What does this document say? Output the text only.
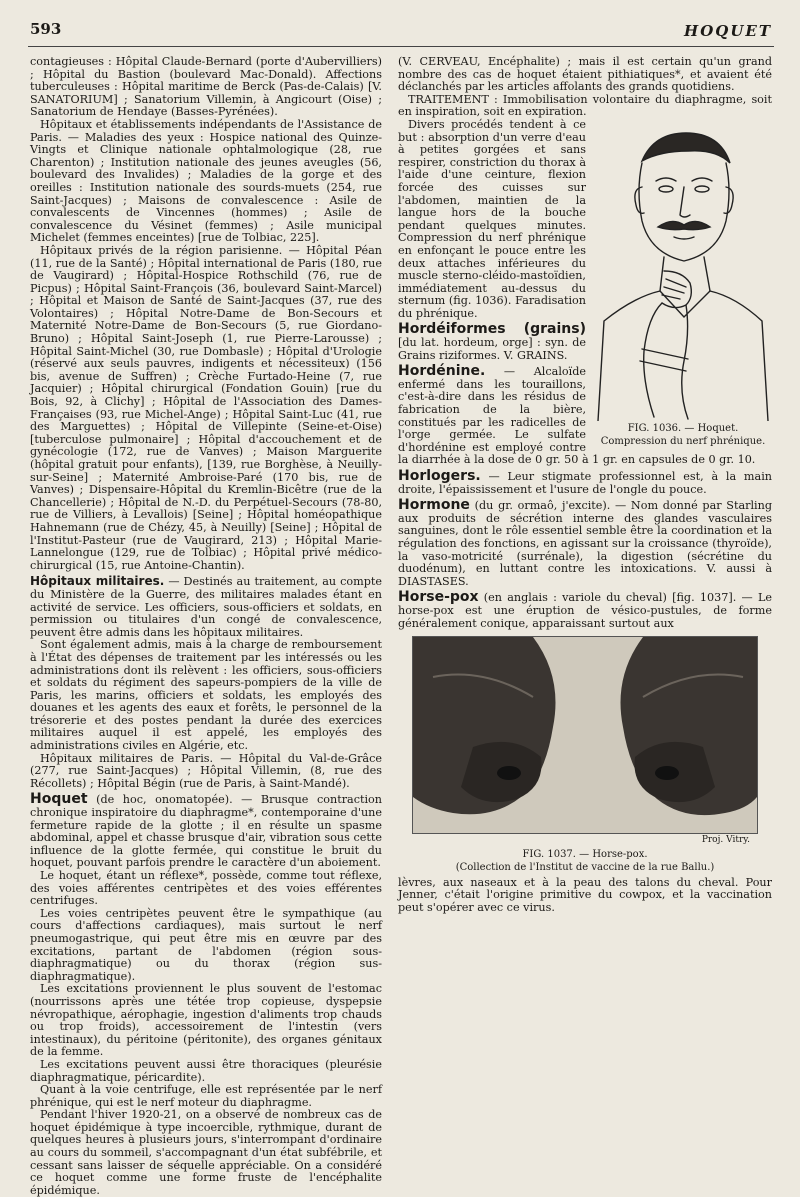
593	HOQUET

contagieuses : Hôpital Claude-Bernard (porte d'Aubervilliers) ; Hôpital du Bastion (boulevard Mac-Donald). Affections tuberculeuses : Hôpital maritime de Berck (Pas-de-Calais) [V. SANATORIUM] ; Sanatorium Villemin, à Angicourt (Oise) ; Sanatorium de Hendaye (Basses-Pyrénées).

Hôpitaux et établissements indépendants de l'Assistance de Paris. — Maladies des yeux : Hospice national des Quinze-Vingts et Clinique nationale ophtalmologique (28, rue Charenton) ; Institution nationale des jeunes aveugles (56, boulevard des Invalides) ; Maladies de la gorge et des oreilles : Institution nationale des sourds-muets (254, rue Saint-Jacques) ; Maisons de convalescence : Asile de convalescents de Vincennes (hommes) ; Asile de convalescence du Vésinet (femmes) ; Asile municipal Michelet (femmes enceintes) [rue de Tolbiac, 225].

Hôpitaux privés de la région parisienne. — Hôpital Péan (11, rue de la Santé) ; Hôpital international de Paris (180, rue de Vaugirard) ; Hôpital-Hospice Rothschild (76, rue de Picpus) ; Hôpital Saint-François (36, boulevard Saint-Marcel) ; Hôpital et Maison de Santé de Saint-Jacques (37, rue des Volontaires) ; Hôpital Notre-Dame de Bon-Secours et Maternité Notre-Dame de Bon-Secours (5, rue Giordano-Bruno) ; Hôpital Saint-Joseph (1, rue Pierre-Larousse) ; Hôpital Saint-Michel (30, rue Dombasle) ; Hôpital d'Urologie (réservé aux seuls pauvres, indigents et nécessiteux) (156 bis, avenue de Suffren) ; Crèche Furtado-Heine (7, rue Jacquier) ; Hôpital chirurgical (Fondation Gouin) [rue du Bois, 92, à Clichy] ; Hôpital de l'Association des Dames-Françaises (93, rue Michel-Ange) ; Hôpital Saint-Luc (41, rue des Marguettes) ; Hôpital de Villepinte (Seine-et-Oise) [tuberculose pulmonaire] ; Hôpital d'accouchement et de gynécologie (172, rue de Vanves) ; Maison Marguerite (hôpital gratuit pour enfants), [139, rue Borghèse, à Neuilly-sur-Seine] ; Maternité Ambroise-Paré (170 bis, rue de Vanves) ; Dispensaire-Hôpital du Kremlin-Bicêtre (rue de la Chancellerie) ; Hôpital de N.-D. du Perpétuel-Secours (78-80, rue de Villiers, à Levallois) [Seine] ; Hôpital homéopathique Hahnemann (rue de Chézy, 45, à Neuilly) [Seine] ; Hôpital de l'Institut-Pasteur (rue de Vaugirard, 213) ; Hôpital Marie-Lannelongue (129, rue de Tolbiac) ; Hôpital privé médico-chirurgical (15, rue Antoine-Chantin).

Hôpitaux militaires. — Destinés au traitement, au compte du Ministère de la Guerre, des militaires malades étant en activité de service. Les officiers, sous-officiers et soldats, en permission ou titulaires d'un congé de convalescence, peuvent être admis dans les hôpitaux militaires.

Sont également admis, mais à la charge de remboursement à l'État des dépenses de traitement par les intéressés ou les administrations dont ils relèvent : les officiers, sous-officiers et soldats du régiment des sapeurs-pompiers de la ville de Paris, les marins, officiers et soldats, les employés des douanes et les agents des eaux et forêts, le personnel de la trésorerie et des postes pendant la durée des exercices militaires auquel il est appelé, les employés des administrations civiles en Algérie, etc.

Hôpitaux militaires de Paris. — Hôpital du Val-de-Grâce (277, rue Saint-Jacques) ; Hôpital Villemin, (8, rue des Récollets) ; Hôpital Bégin (rue de Paris, à Saint-Mandé).

Hoquet (de hoc, onomatopée). — Brusque contraction chronique inspiratoire du diaphragme*, contemporaine d'une fermeture rapide de la glotte ; il en résulte un spasme abdominal, appel et chasse brusque d'air, vibration sous cette influence de la glotte fermée, qui constitue le bruit du hoquet, pouvant parfois prendre le caractère d'un aboiement.

Le hoquet, étant un réflexe*, possède, comme tout réflexe, des voies afférentes centripètes et des voies efférentes centrifuges.

Les voies centripètes peuvent être le sympathique (au cours d'affections cardiaques), mais surtout le nerf pneumogastrique, qui peut être mis en œuvre par des excitations, partant de l'abdomen (région sous-diaphragmatique) ou du thorax (région sus-diaphragmatique).

Les excitations proviennent le plus souvent de l'estomac (nourrissons après une tétée trop copieuse, dyspepsie névropathique, aérophagie, ingestion d'aliments trop chauds ou trop froids), accessoirement de l'intestin (vers intestinaux), du péritoine (péritonite), des organes génitaux de la femme.

Les excitations peuvent aussi être thoraciques (pleurésie diaphragmatique, péricardite).

Quant à la voie centrifuge, elle est représentée par le nerf phrénique, qui est le nerf moteur du diaphragme.

Pendant l'hiver 1920-21, on a observé de nombreux cas de hoquet épidémique à type incoercible, rythmique, durant de quelques heures à plusieurs jours, s'interrompant d'ordinaire au cours du sommeil, s'accompagnant d'un état subfébrile, et cessant sans laisser de séquelle appréciable. On a considéré ce hoquet comme une forme fruste de l'encéphalite épidémique.

(V. CERVEAU, Encéphalite) ; mais il est certain qu'un grand nombre des cas de hoquet étaient pithiatiques*, et avaient été déclanchés par les articles affolants des grands quotidiens.

TRAITEMENT : Immobilisation volontaire du diaphragme, soit en inspiration, soit en expiration.

FIG. 1036. — Hoquet.
Compression du nerf phrénique.

Divers procédés tendent à ce but : absorption d'un verre d'eau à petites gorgées et sans respirer, constriction du thorax à l'aide d'une ceinture, flexion forcée des cuisses sur l'abdomen, maintien de la langue hors de la bouche pendant quelques minutes. Compression du nerf phrénique en enfonçant le pouce entre les deux attaches inférieures du muscle sterno-cléido-mastoïdien, immédiatement au-dessus du sternum (fig. 1036). Faradisation du phrénique.

Hordéiformes (grains) [du lat. hordeum, orge] : syn. de Grains riziformes. V. GRAINS.

Hordénine. — Alcaloïde enfermé dans les touraillons, c'est-à-dire dans les résidus de fabrication de la bière, constitués par les radicelles de l'orge germée. Le sulfate d'hordénine est employé contre la diarrhée à la dose de 0 gr. 50 à 1 gr. en capsules de 0 gr. 10.

Horlogers. — Leur stigmate professionnel est, à la main droite, l'épaississement et l'usure de l'ongle du pouce.

Hormone (du gr. ormaô, j'excite). — Nom donné par Starling aux produits de sécrétion interne des glandes vasculaires sanguines, dont le rôle essentiel semble être la coordination et la régulation des fonctions, en agissant sur la croissance (thyroïde), la vaso-motricité (surrénale), la digestion (sécrétine du duodénum), en luttant contre les intoxications. V. aussi à DIASTASES.

Horse-pox (en anglais : variole du cheval) [fig. 1037]. — Le horse-pox est une éruption de vésico-pustules, de forme généralement conique, apparaissant surtout aux

Proj. Vitry.
FIG. 1037. — Horse-pox.
(Collection de l'Institut de vaccine de la rue Ballu.)

lèvres, aux naseaux et à la peau des talons du cheval. Pour Jenner, c'était l'origine primitive du cowpox, et la vaccination peut s'opérer avec ce virus.
